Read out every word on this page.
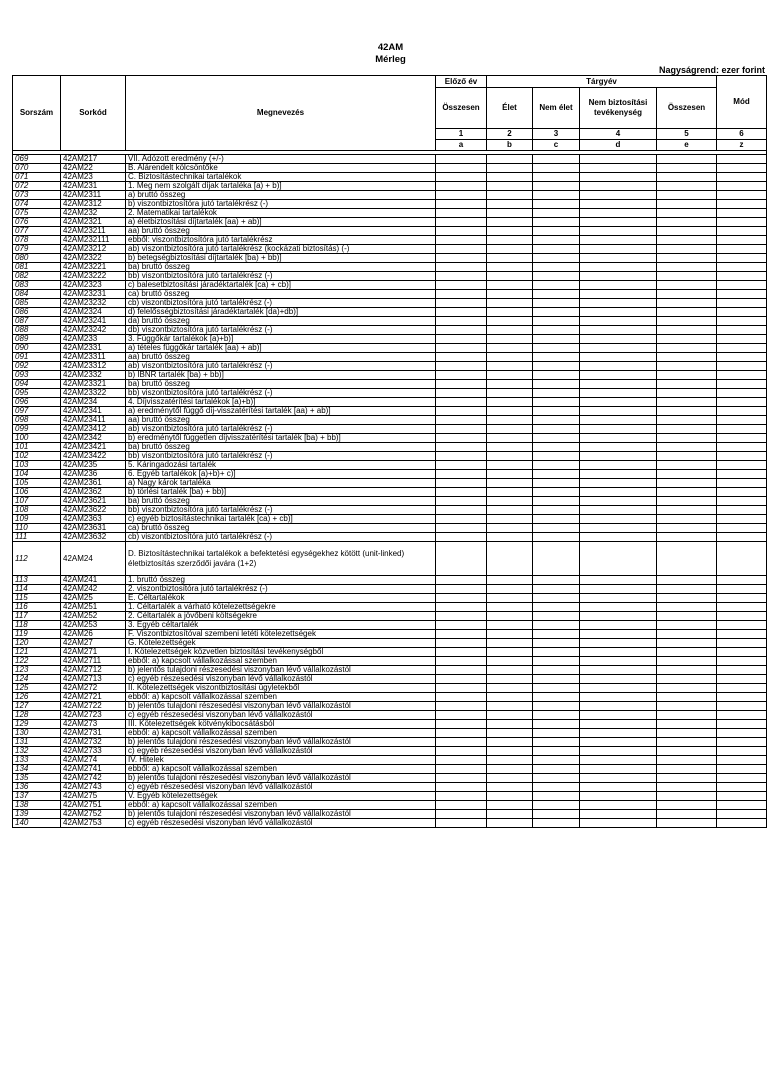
42AM
Mérleg
Nagyságrend: ezer forint
Sorszám	Sorkód	Megnevezés	Előző év	Tárgyév				Mód
			Összesen	Élet	Nem élet	Nem biztosítási tevékenység	Összesen	
			1	2	3	4	5	6
			a	b	c	d	e	z

069	42AM217	VII. Adózott eredmény (+/-)						
070	42AM22	B. Alárendelt kölcsöntőke						
071	42AM23	C. Biztosítástechnikai tartalékok						
072	42AM231	1. Meg nem szolgált díjak tartaléka [a) + b)]						
073	42AM2311	a) bruttó összeg						
074	42AM2312	b) viszontbiztosítóra jutó tartalékrész (-)						
075	42AM232	2. Matematikai tartalékok						
076	42AM2321	a) életbiztosítási díjtartalék [aa) + ab)]						
077	42AM23211	aa) bruttó összeg						
078	42AM232111	ebből: viszontbiztosítóra jutó tartalékrész						
079	42AM23212	ab) viszontbiztosítóra jutó tartalékrész (kockázati biztosítás) (-)						
080	42AM2322	b) betegségbiztosítási díjtartalék [ba) + bb)]						
081	42AM23221	ba) bruttó összeg						
082	42AM23222	bb) viszontbiztosítóra jutó tartalékrész (-)						
083	42AM2323	c) balesetbiztosítási járadéktartalék [ca) + cb)]						
084	42AM23231	ca) bruttó összeg						
085	42AM23232	cb) viszontbiztosítóra jutó tartalékrész (-)						
086	42AM2324	d) felelősségbiztosítási járadéktartalék [da)+db)]						
087	42AM23241	da) bruttó összeg						
088	42AM23242	db) viszontbiztosítóra jutó tartalékrész (-)						
089	42AM233	3. Függőkár tartalékok [a)+b)]						
090	42AM2331	a) tételes függőkár tartalék [aa) + ab)]						
091	42AM23311	aa) bruttó összeg						
092	42AM23312	ab) viszontbiztosítóra jutó tartalékrész (-)						
093	42AM2332	b) IBNR tartalék [ba) + bb)]						
094	42AM23321	ba) bruttó összeg						
095	42AM23322	bb) viszontbiztosítóra jutó tartalékrész (-)						
096	42AM234	4. Díjvisszatérítési tartalékok [a)+b)]						
097	42AM2341	a) eredménytől függő díj-visszatérítési tartalék [aa) + ab)]						
098	42AM23411	aa) bruttó összeg						
099	42AM23412	ab) viszontbiztosítóra jutó tartalékrész (-)						
100	42AM2342	b) eredménytől független díjvisszatérítési tartalék [ba) + bb)]						
101	42AM23421	ba) bruttó összeg						
102	42AM23422	bb) viszontbiztosítóra jutó tartalékrész (-)						
103	42AM235	5. Káringadozási tartalék						
104	42AM236	6. Egyéb tartalékok [a)+b)+ c)]						
105	42AM2361	a) Nagy károk tartaléka						
106	42AM2362	b) törlési tartalék [ba) + bb)]						
107	42AM23621	ba) bruttó összeg						
108	42AM23622	bb) viszontbiztosítóra jutó tartalékrész (-)						
109	42AM2363	c) egyéb biztosítástechnikai tartalék [ca) + cb)]						
110	42AM23631	ca) bruttó összeg						
111	42AM23632	cb) viszontbiztosítóra jutó tartalékrész (-)						
112	42AM24	D. Biztosítástechnikai tartalékok a befektetési egységekhez kötött (unit-linked) életbiztosítás szerződői javára (1+2)						
113	42AM241	1. bruttó összeg						
114	42AM242	2. viszontbiztosítóra jutó tartalékrész (-)						
115	42AM25	E. Céltartalékok						
116	42AM251	1. Céltartalék a várható kötelezettségekre						
117	42AM252	2. Céltartalék a jövőbeni költségekre						
118	42AM253	3. Egyéb céltartalék						
119	42AM26	F. Viszontbiztosítóval szembeni letéti kötelezettségek						
120	42AM27	G. Kötelezettségek						
121	42AM271	I. Kötelezettségek közvetlen biztosítási tevékenységből						
122	42AM2711	ebből: a) kapcsolt vállalkozással szemben						
123	42AM2712	b) jelentős tulajdoni részesedési viszonyban lévő vállalkozástól						
124	42AM2713	c) egyéb részesedési viszonyban lévő vállalkozástól						
125	42AM272	II. Kötelezettségek viszontbiztosítási ügyletekből						
126	42AM2721	ebből: a) kapcsolt vállalkozással szemben						
127	42AM2722	b) jelentős tulajdoni részesedési viszonyban lévő vállalkozástól						
128	42AM2723	c) egyéb részesedési viszonyban lévő vállalkozástól						
129	42AM273	III. Kötelezettségek kötvénykibocsátásból						
130	42AM2731	ebből: a) kapcsolt vállalkozással szemben						
131	42AM2732	b) jelentős tulajdoni részesedési viszonyban lévő vállalkozástól						
132	42AM2733	c) egyéb részesedési viszonyban lévő vállalkozástól						
133	42AM274	IV. Hitelek						
134	42AM2741	ebből: a) kapcsolt vállalkozással szemben						
135	42AM2742	b) jelentős tulajdoni részesedési viszonyban lévő vállalkozástól						
136	42AM2743	c) egyéb részesedési viszonyban lévő vállalkozástól						
137	42AM275	V. Egyéb kötelezettségek						
138	42AM2751	ebből: a) kapcsolt vállalkozással szemben						
139	42AM2752	b) jelentős tulajdoni részesedési viszonyban lévő vállalkozástól						
140	42AM2753	c) egyéb részesedési viszonyban lévő vállalkozástól						
